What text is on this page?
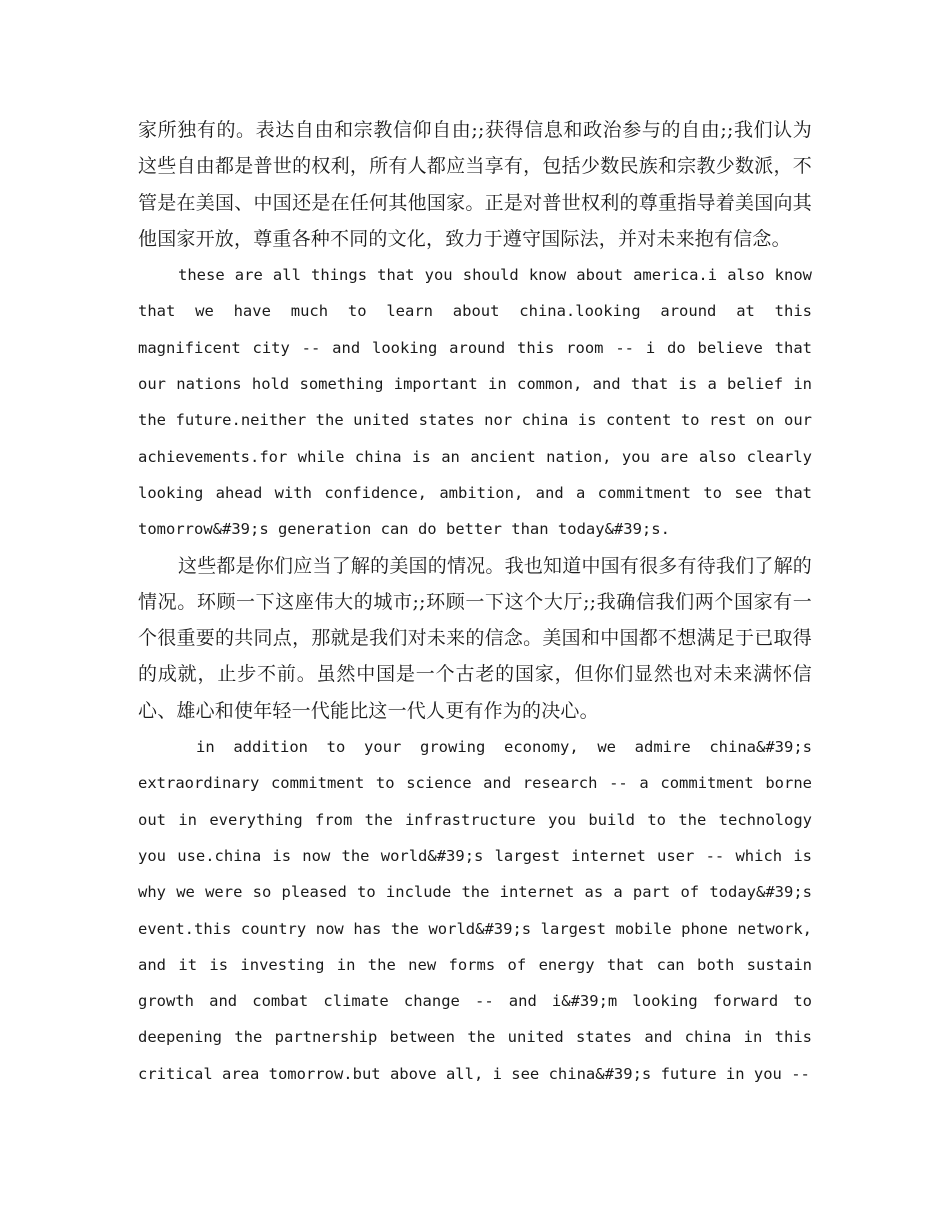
家所独有的。表达自由和宗教信仰自由;;获得信息和政治参与的自由;;我们认为这些自由都是普世的权利，所有人都应当享有，包括少数民族和宗教少数派，不管是在美国、中国还是在任何其他国家。正是对普世权利的尊重指导着美国向其他国家开放，尊重各种不同的文化，致力于遵守国际法，并对未来抱有信念。

these are all things that you should know about america.i also know that we have much to learn about china.looking around at this magnificent city -- and looking around this room -- i do believe that our nations hold something important in common, and that is a belief in the future.neither the united states nor china is content to rest on our achievements.for while china is an ancient nation, you are also clearly looking ahead with confidence, ambition, and a commitment to see that tomorrow&#39;s generation can do better than today&#39;s.

这些都是你们应当了解的美国的情况。我也知道中国有很多有待我们了解的情况。环顾一下这座伟大的城市;;环顾一下这个大厅;;我确信我们两个国家有一个很重要的共同点，那就是我们对未来的信念。美国和中国都不想满足于已取得的成就，止步不前。虽然中国是一个古老的国家，但你们显然也对未来满怀信心、雄心和使年轻一代能比这一代人更有作为的决心。

in addition to your growing economy, we admire china&#39;s extraordinary commitment to science and research -- a commitment borne out in everything from the infrastructure you build to the technology you use.china is now the world&#39;s largest internet user -- which is why we were so pleased to include the internet as a part of today&#39;s event.this country now has the world&#39;s largest mobile phone network, and it is investing in the new forms of energy that can both sustain growth and combat climate change -- and i&#39;m looking forward to deepening the partnership between the united states and china in this critical area tomorrow.but above all, i see china&#39;s future in you --
